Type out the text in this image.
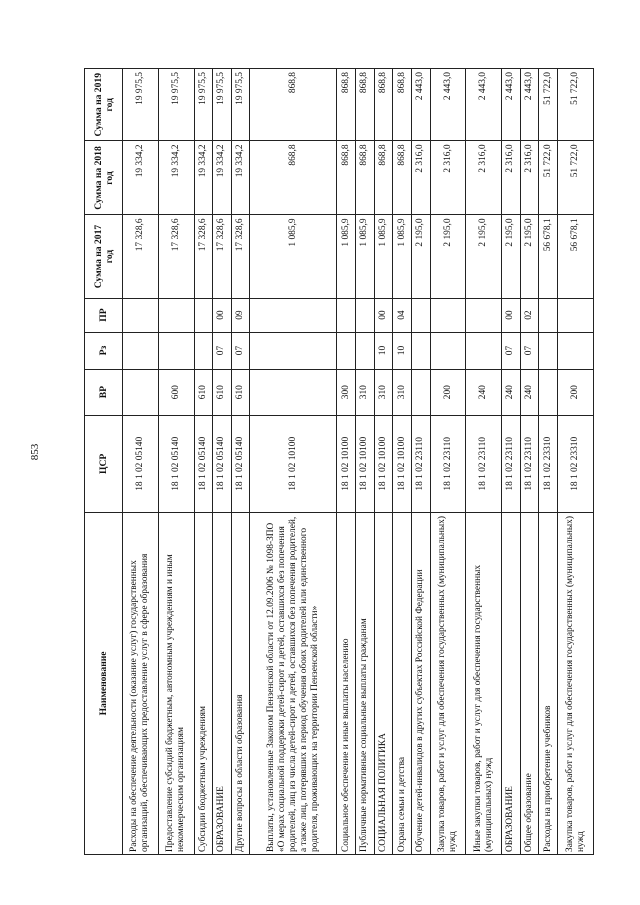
853
Наименование	ЦСР	ВР	Рз	ПР	Сумма на 2017 год	Сумма на 2018 год	Сумма на 2019 год
Расходы на обеспечение деятельности (оказание услуг) государственных организаций, обеспечивающих предоставление услуг в сфере образования	18 1 02 05140				17 328,6	19 334,2	19 975,5
Предоставление субсидий бюджетным, автономным учреждениям и иным некоммерческим организациям	18 1 02 05140	600			17 328,6	19 334,2	19 975,5
Субсидии бюджетным учреждениям	18 1 02 05140	610			17 328,6	19 334,2	19 975,5
ОБРАЗОВАНИЕ	18 1 02 05140	610	07	00	17 328,6	19 334,2	19 975,5
Другие вопросы в области образования	18 1 02 05140	610	07	09	17 328,6	19 334,2	19 975,5
Выплаты, установленные Законом Пензенской области от 12.09.2006 № 1098-ЗПО «О мерах социальной поддержки детей-сирот и детей, оставшихся без попечения родителей, лиц из числа детей-сирот и детей, оставшихся без попечения родителей, а также лиц, потерявших в период обучения обоих родителей или единственного родителя, проживающих на территории Пензенской области»	18 1 02 10100				1 085,9	868,8	868,8
Социальное обеспечение и иные выплаты населению	18 1 02 10100	300			1 085,9	868,8	868,8
Публичные нормативные социальные выплаты гражданам	18 1 02 10100	310			1 085,9	868,8	868,8
СОЦИАЛЬНАЯ ПОЛИТИКА	18 1 02 10100	310	10	00	1 085,9	868,8	868,8
Охрана семьи и детства	18 1 02 10100	310	10	04	1 085,9	868,8	868,8
Обучение детей-инвалидов в других субъектах Российской Федерации	18 1 02 23110				2 195,0	2 316,0	2 443,0
Закупка товаров, работ и услуг для обеспечения государственных (муниципальных) нужд	18 1 02 23110	200			2 195,0	2 316,0	2 443,0
Иные закупки товаров, работ и услуг для обеспечения государственных (муниципальных) нужд	18 1 02 23110	240			2 195,0	2 316,0	2 443,0
ОБРАЗОВАНИЕ	18 1 02 23110	240	07	00	2 195,0	2 316,0	2 443,0
Общее образование	18 1 02 23110	240	07	02	2 195,0	2 316,0	2 443,0
Расходы на приобретение учебников	18 1 02 23310				56 678,1	51 722,0	51 722,0
Закупка товаров, работ и услуг для обеспечения государственных (муниципальных) нужд	18 1 02 23310	200			56 678,1	51 722,0	51 722,0
